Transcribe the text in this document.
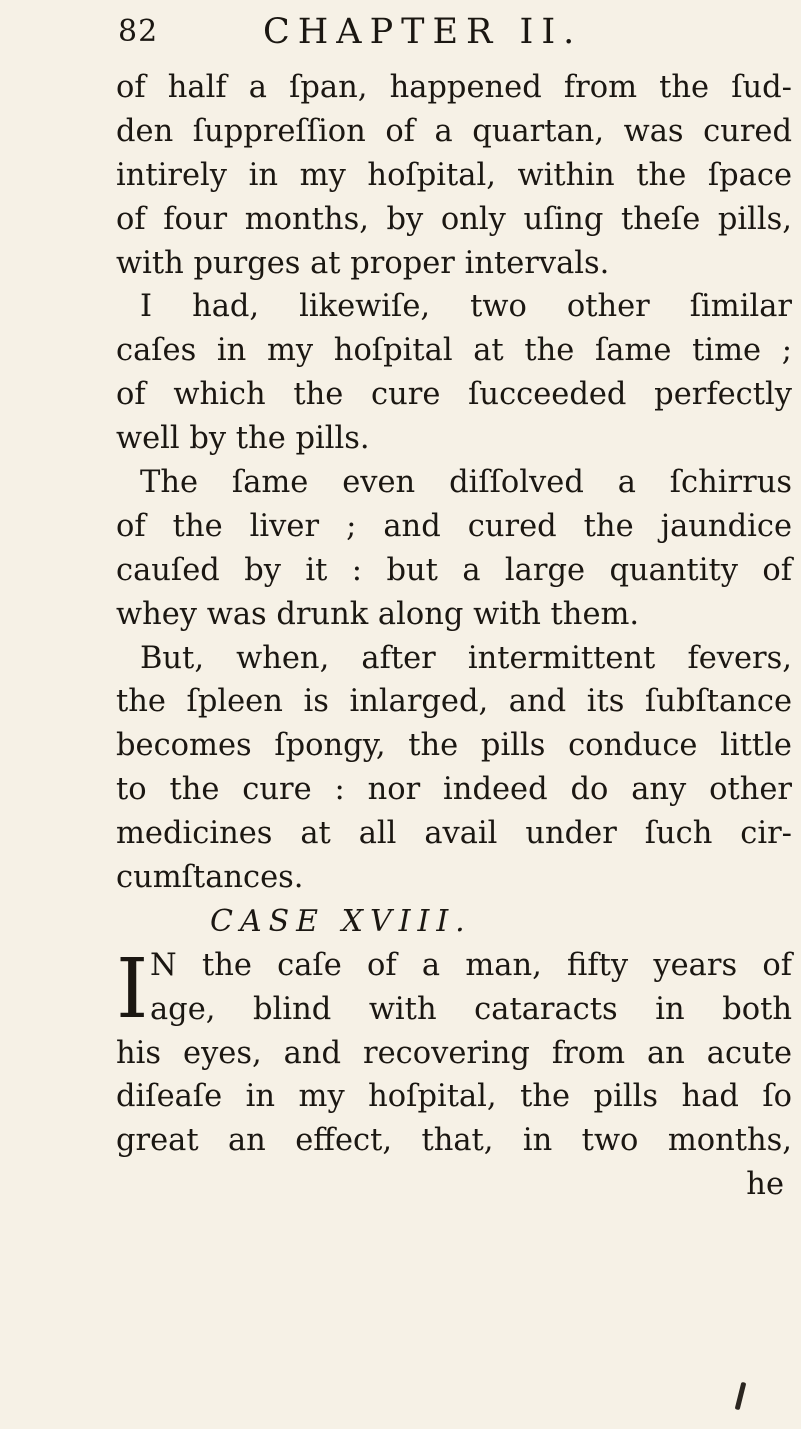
82	CHAPTER II.
of half a ſpan, happened from the ſud-
den ſuppreſſion of a quartan, was cured
intirely in my hoſpital, within the ſpace
of four months, by only uſing theſe pills,
with purges at proper intervals.
I had, likewiſe, two other ſimilar
caſes in my hoſpital at the ſame time ;
of which the cure ſucceeded perfectly
well by the pills.
The ſame even diſſolved a ſchirrus
of the liver ; and cured the jaundice
cauſed by it : but a large quantity of
whey was drunk along with them.
But, when, after intermittent fevers,
the ſpleen is inlarged, and its ſubſtance
becomes ſpongy, the pills conduce little
to the cure : nor indeed do any other
medicines at all avail under ſuch cir-
cumſtances.
CASE XVIII.
I N the caſe of a man, fifty years of
age, blind with cataracts in both
his eyes, and recovering from an acute
diſeaſe in my hoſpital, the pills had ſo
great an effect, that, in two months,
he
